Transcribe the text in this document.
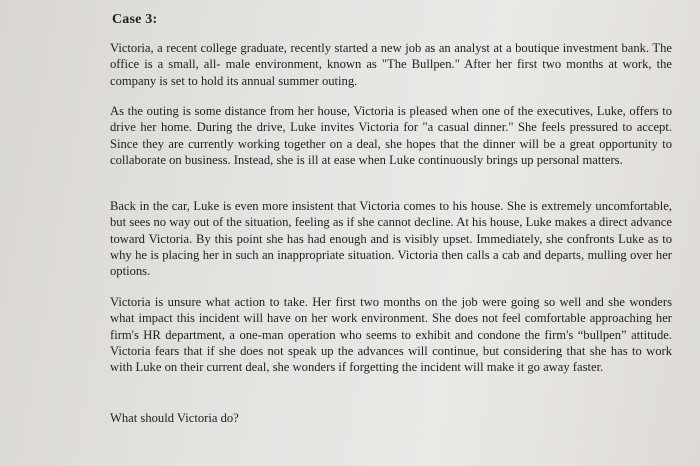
Case 3:

Victoria, a recent college graduate, recently started a new job as an analyst at a boutique investment bank. The office is a small, all- male environment, known as "The Bullpen." After her first two months at work, the company is set to hold its annual summer outing.

As the outing is some distance from her house, Victoria is pleased when one of the executives, Luke, offers to drive her home. During the drive, Luke invites Victoria for "a casual dinner." She feels pressured to accept. Since they are currently working together on a deal, she hopes that the dinner will be a great opportunity to collaborate on business. Instead, she is ill at ease when Luke continuously brings up personal matters.

Back in the car, Luke is even more insistent that Victoria comes to his house. She is extremely uncomfortable, but sees no way out of the situation, feeling as if she cannot decline. At his house, Luke makes a direct advance toward Victoria. By this point she has had enough and is visibly upset. Immediately, she confronts Luke as to why he is placing her in such an inappropriate situation. Victoria then calls a cab and departs, mulling over her options.

Victoria is unsure what action to take. Her first two months on the job were going so well and she wonders what impact this incident will have on her work environment. She does not feel comfortable approaching her firm's HR department, a one-man operation who seems to exhibit and condone the firm's “bullpen” attitude. Victoria fears that if she does not speak up the advances will continue, but considering that she has to work with Luke on their current deal, she wonders if forgetting the incident will make it go away faster.

What should Victoria do?
